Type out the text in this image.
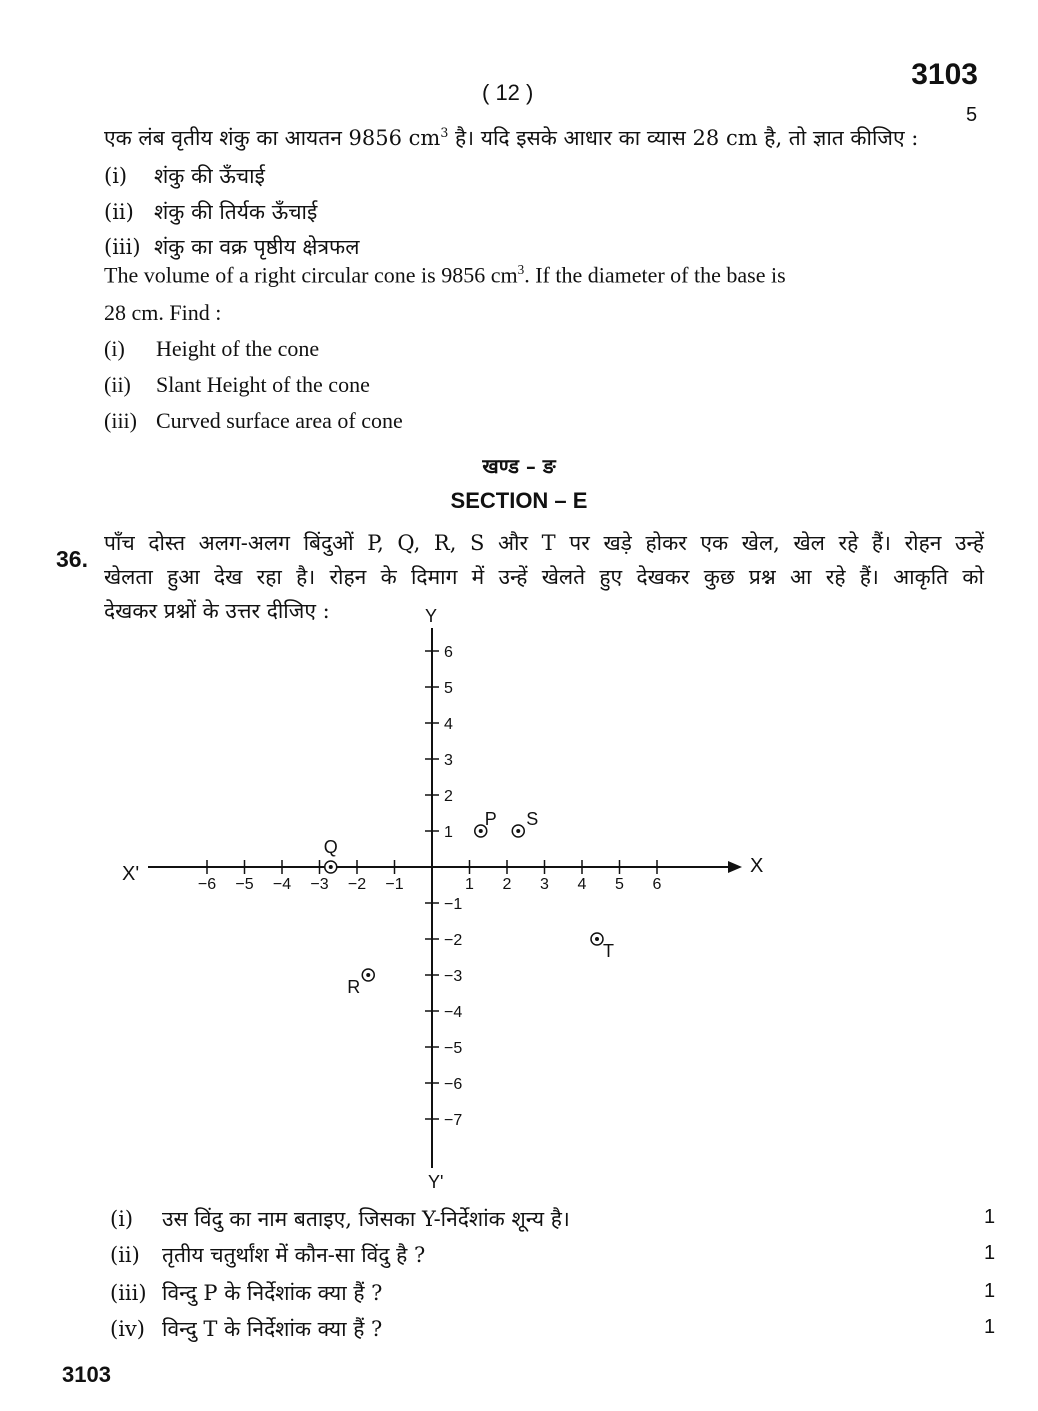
( 12 )
3103
एक लंब वृतीय शंकु का आयतन 9856 $cm^3$ है। यदि इसके आधार का व्यास 28 cm है, तो ज्ञात कीजिए :
5
(i) शंकु की ऊँचाई
(ii) शंकु की तिर्यक ऊँचाई
(iii) शंकु का वक्र पृष्ठीय क्षेत्रफल
The volume of a right circular cone is 9856 $cm^3$. If the diameter of the base is
28 cm. Find :
(i) Height of the cone
(ii) Slant Height of the cone
(iii) Curved surface area of cone
खण्ड – ङ
SECTION – E
36.
पाँच दोस्त अलग-अलग बिंदुओं P, Q, R, S और T पर खड़े होकर एक खेल, खेल रहे हैं। रोहन उन्हें
खेलता हुआ देख रहा है। रोहन के दिमाग में उन्हें खेलते हुए देखकर कुछ प्रश्न आ रहे हैं। आकृति को
देखकर प्रश्नों के उत्तर दीजिए :
X
X'
Y
Y'
−6 −5 −4 −3 −2 −1	1 2 3 4 5 6
6
5
4
3
2
1
−1
−2
−3
−4
−5
−6
−7
P S
Q
R
T
(i) उस विंदु का नाम बताइए, जिसका Y-निर्देशांक शून्य है।	1
(ii) तृतीय चतुर्थांश में कौन-सा विंदु है ?	1
(iii) विन्दु P के निर्देशांक क्या हैं ?	1
(iv) विन्दु T के निर्देशांक क्या हैं ?	1
3103
